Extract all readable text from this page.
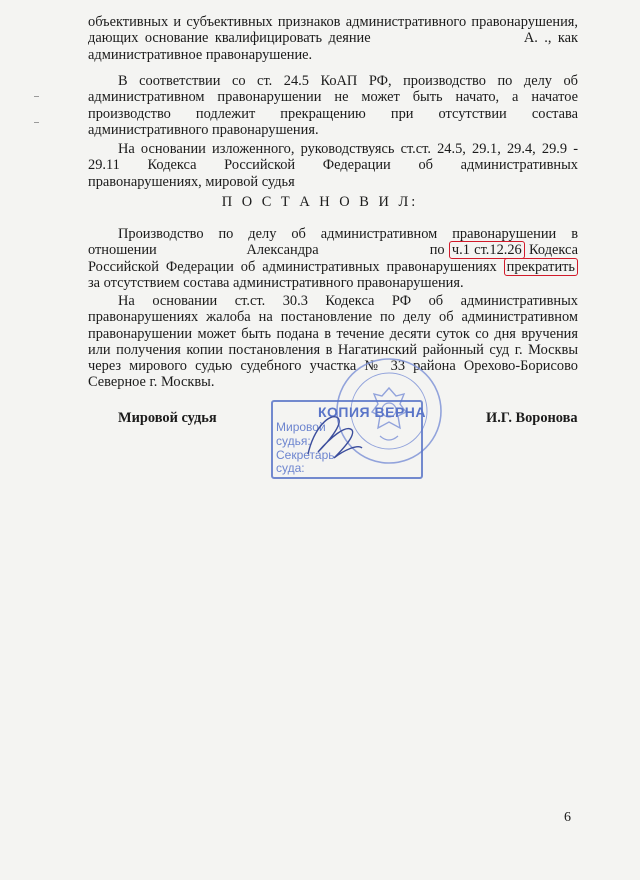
объективных и субъективных признаков административного правонарушения,
дающих основание квалифицировать деяние	А. ., как
административное правонарушение.
В соответствии со ст. 24.5 КоАП РФ, производство по делу об
административном правонарушении не может быть начато, а начатое
производство подлежит прекращению при отсутствии состава
административного правонарушения.
На основании изложенного, руководствуясь ст.ст. 24.5, 29.1, 29.4, 29.9 -
29.11 Кодекса Российской Федерации об административных
правонарушениях, мировой судья
П О С Т А Н О В И Л:
Производство по делу об административном правонарушении в
отношении	Александра	по ч.1 ст.12.26 Кодекса
Российской Федерации об административных правонарушениях прекратить
за отсутствием состава административного правонарушения.
На основании ст.ст. 30.3 Кодекса РФ об административных
правонарушениях жалоба на постановление по делу об административном
правонарушении может быть подана в течение десяти суток со дня вручения
или получения копии постановления в Нагатинский районный суд г. Москвы
через мирового судью судебного участка № 33 района Орехово-Борисово
Северное г. Москвы.
КОПИЯ ВЕРНА
Мировой
судья:
Секретарь
суда:
Мировой судья	И.Г. Воронова
6
